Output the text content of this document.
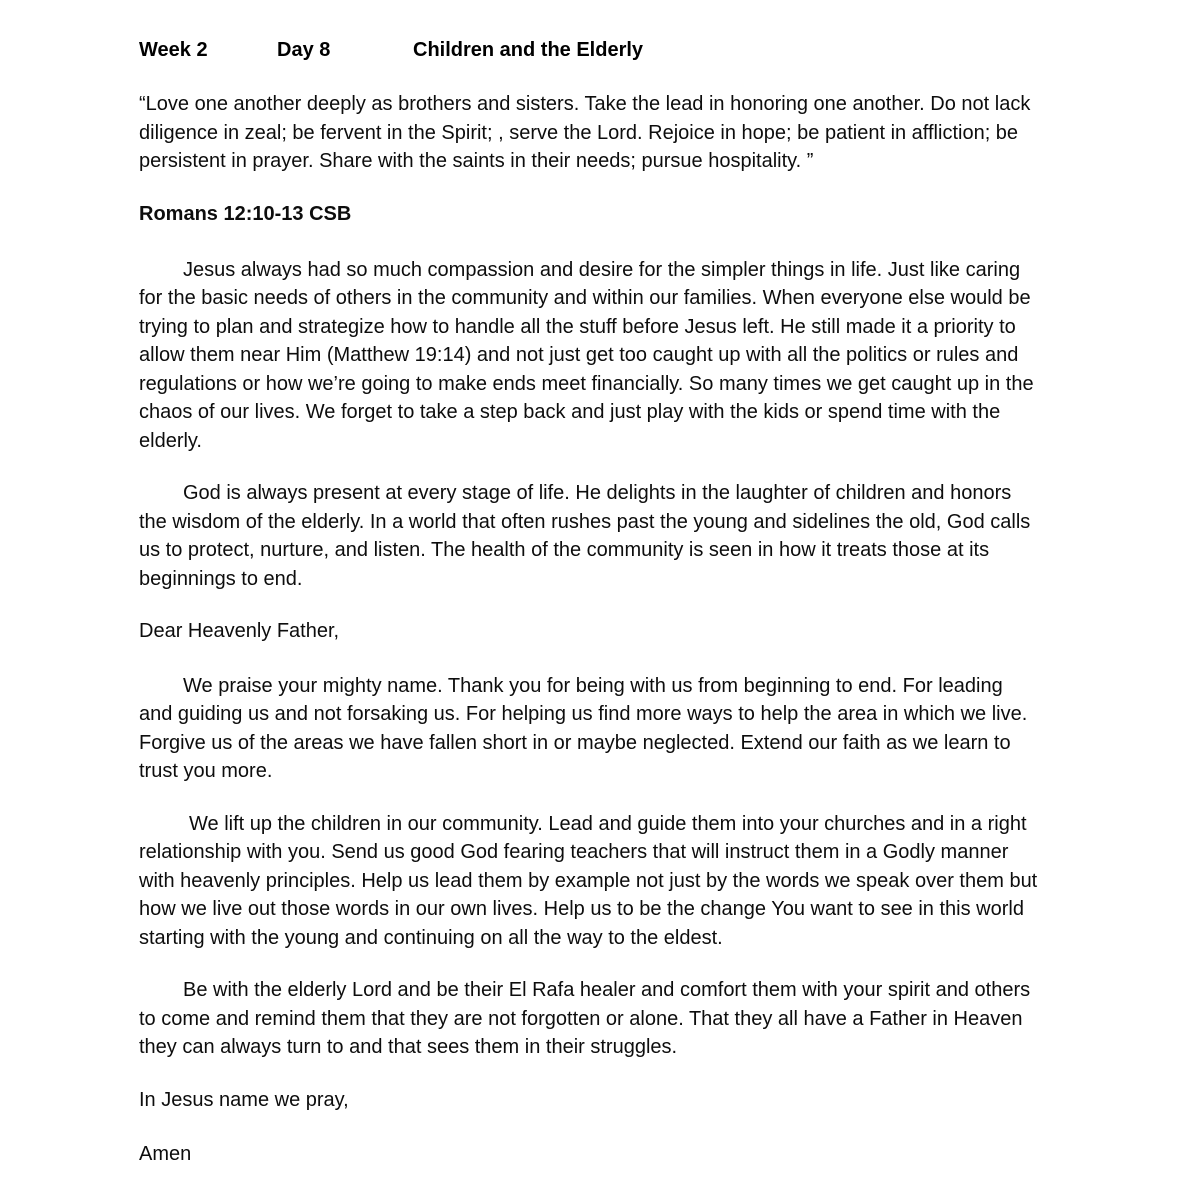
Week 2	Day 8	Children and the Elderly

“Love one another deeply as brothers and sisters. Take the lead in honoring one another. Do not lack diligence in zeal; be fervent in the Spirit; , serve the Lord. Rejoice in hope; be patient in affliction; be persistent in prayer. Share with the saints in their needs; pursue hospitality. ”

Romans 12:10-13 CSB

Jesus always had so much compassion and desire for the simpler things in life. Just like caring for the basic needs of others in the community and within our families. When everyone else would be trying to plan and strategize how to handle all the stuff before Jesus left. He still made it a priority to allow them near Him (Matthew 19:14) and not just get too caught up with all the politics or rules and regulations or how we’re going to make ends meet financially. So many times we get caught up in the chaos of our lives. We forget to take a step back and just play with the kids or spend time with the elderly.

God is always present at every stage of life. He delights in the laughter of children and honors the wisdom of the elderly. In a world that often rushes past the young and sidelines the old, God calls us to protect, nurture, and listen. The health of the community is seen in how it treats those at its beginnings to end.

Dear Heavenly Father,

We praise your mighty name. Thank you for being with us from beginning to end. For leading and guiding us and not forsaking us. For helping us find more ways to help the area in which we live. Forgive us of the areas we have fallen short in or maybe neglected. Extend our faith as we learn to trust you more.

We lift up the children in our community. Lead and guide them into your churches and in a right relationship with you. Send us good God fearing teachers that will instruct them in a Godly manner with heavenly principles. Help us lead them by example not just by the words we speak over them but how we live out those words in our own lives. Help us to be the change You want to see in this world starting with the young and continuing on all the way to the eldest.

Be with the elderly Lord and be their El Rafa healer and comfort them with your spirit and others to come and remind them that they are not forgotten or alone. That they all have a Father in Heaven they can always turn to and that sees them in their struggles.

In Jesus name we pray,

Amen
